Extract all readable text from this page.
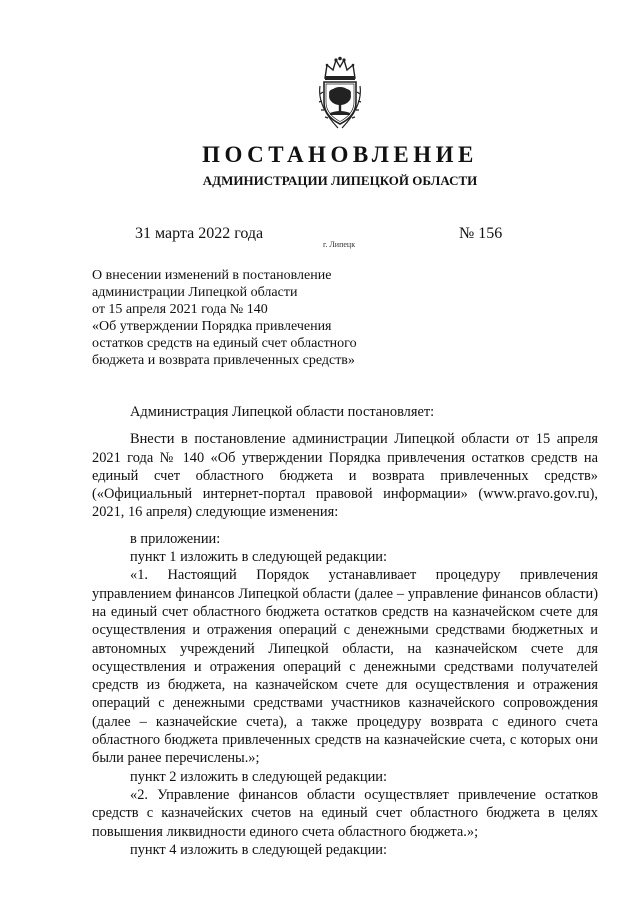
ПОСТАНОВЛЕНИЕ
АДМИНИСТРАЦИИ ЛИПЕЦКОЙ ОБЛАСТИ
31 марта 2022 года
г. Липецк
№ 156
О внесении изменений в постановление
администрации Липецкой области
от 15 апреля 2021 года № 140
«Об утверждении Порядка привлечения
остатков средств на единый счет областного
бюджета и возврата привлеченных средств»

Администрация Липецкой области постановляет:

Внести в постановление администрации Липецкой области от 15 апреля 2021 года № 140 «Об утверждении Порядка привлечения остатков средств на единый счет областного бюджета и возврата привлеченных средств» («Официальный интернет-портал правовой информации» (www.pravo.gov.ru), 2021, 16 апреля) следующие изменения:

в приложении:

пункт 1 изложить в следующей редакции:

«1. Настоящий Порядок устанавливает процедуру привлечения управлением финансов Липецкой области (далее – управление финансов области) на единый счет областного бюджета остатков средств на казначейском счете для осуществления и отражения операций с денежными средствами бюджетных и автономных учреждений Липецкой области, на казначейском счете для осуществления и отражения операций с денежными средствами получателей средств из бюджета, на казначейском счете для осуществления и отражения операций с денежными средствами участников казначейского сопровождения (далее – казначейские счета), а также процедуру возврата с единого счета областного бюджета привлеченных средств на казначейские счета, с которых они были ранее перечислены.»;

пункт 2 изложить в следующей редакции:

«2. Управление финансов области осуществляет привлечение остатков средств с казначейских счетов на единый счет областного бюджета в целях повышения ликвидности единого счета областного бюджета.»;

пункт 4 изложить в следующей редакции:
